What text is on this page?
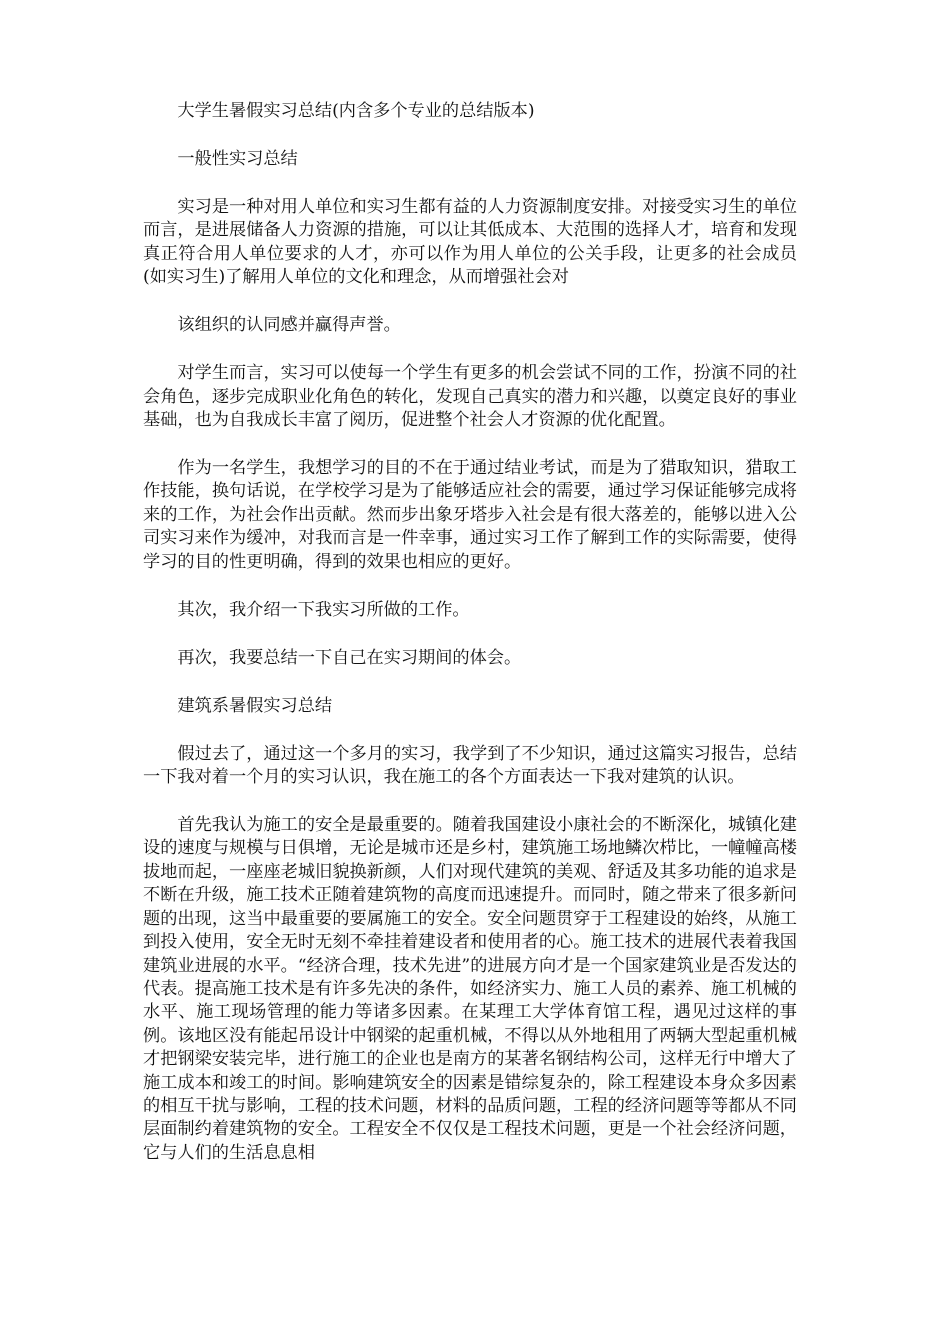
大学生暑假实习总结(内含多个专业的总结版本)

一般性实习总结

实习是一种对用人单位和实习生都有益的人力资源制度安排。对接受实习生的单位而言，是进展储备人力资源的措施，可以让其低成本、大范围的选择人才，培育和发现真正符合用人单位要求的人才，亦可以作为用人单位的公关手段，让更多的社会成员(如实习生)了解用人单位的文化和理念，从而增强社会对

该组织的认同感并赢得声誉。

对学生而言，实习可以使每一个学生有更多的机会尝试不同的工作，扮演不同的社会角色，逐步完成职业化角色的转化，发现自己真实的潜力和兴趣，以奠定良好的事业基础，也为自我成长丰富了阅历，促进整个社会人才资源的优化配置。

作为一名学生，我想学习的目的不在于通过结业考试，而是为了猎取知识，猎取工作技能，换句话说，在学校学习是为了能够适应社会的需要，通过学习保证能够完成将来的工作，为社会作出贡献。然而步出象牙塔步入社会是有很大落差的，能够以进入公司实习来作为缓冲，对我而言是一件幸事，通过实习工作了解到工作的实际需要，使得学习的目的性更明确，得到的效果也相应的更好。

其次，我介绍一下我实习所做的工作。

再次，我要总结一下自己在实习期间的体会。

建筑系暑假实习总结

假过去了，通过这一个多月的实习，我学到了不少知识，通过这篇实习报告，总结一下我对着一个月的实习认识，我在施工的各个方面表达一下我对建筑的认识。

首先我认为施工的安全是最重要的。随着我国建设小康社会的不断深化，城镇化建设的速度与规模与日俱增，无论是城市还是乡村，建筑施工场地鳞次栉比，一幢幢高楼拔地而起，一座座老城旧貌换新颜，人们对现代建筑的美观、舒适及其多功能的追求是不断在升级，施工技术正随着建筑物的高度而迅速提升。而同时，随之带来了很多新问题的出现，这当中最重要的要属施工的安全。安全问题贯穿于工程建设的始终，从施工到投入使用，安全无时无刻不牵挂着建设者和使用者的心。施工技术的进展代表着我国建筑业进展的水平。“经济合理，技术先进”的进展方向才是一个国家建筑业是否发达的代表。提高施工技术是有许多先决的条件，如经济实力、施工人员的素养、施工机械的水平、施工现场管理的能力等诸多因素。在某理工大学体育馆工程，遇见过这样的事例。该地区没有能起吊设计中钢梁的起重机械，不得以从外地租用了两辆大型起重机械才把钢梁安装完毕，进行施工的企业也是南方的某著名钢结构公司，这样无行中增大了施工成本和竣工的时间。影响建筑安全的因素是错综复杂的，除工程建设本身众多因素的相互干扰与影响，工程的技术问题，材料的品质问题，工程的经济问题等等都从不同层面制约着建筑物的安全。工程安全不仅仅是工程技术问题，更是一个社会经济问题，它与人们的生活息息相
